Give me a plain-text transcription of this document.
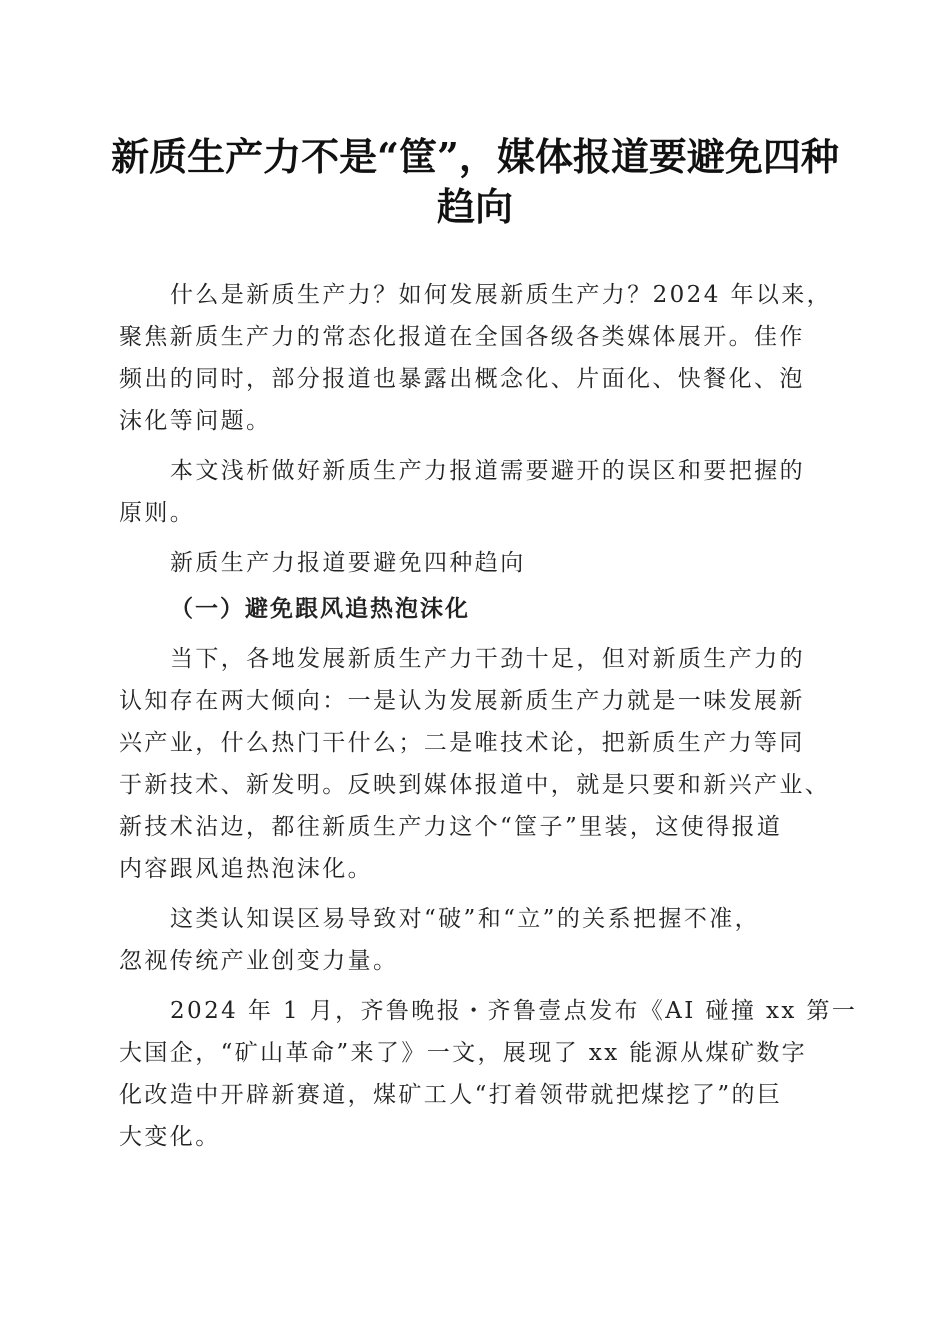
新质生产力不是“筐”，媒体报道要避免四种
趋向
什么是新质生产力？如何发展新质生产力？2024 年以来，
聚焦新质生产力的常态化报道在全国各级各类媒体展开。佳作
频出的同时，部分报道也暴露出概念化、片面化、快餐化、泡
沫化等问题。
本文浅析做好新质生产力报道需要避开的误区和要把握的
原则。
新质生产力报道要避免四种趋向
（一）避免跟风追热泡沫化
当下，各地发展新质生产力干劲十足，但对新质生产力的
认知存在两大倾向：一是认为发展新质生产力就是一味发展新
兴产业，什么热门干什么；二是唯技术论，把新质生产力等同
于新技术、新发明。反映到媒体报道中，就是只要和新兴产业、
新技术沾边，都往新质生产力这个“筐子”里装，这使得报道
内容跟风追热泡沫化。
这类认知误区易导致对“破”和“立”的关系把握不准，
忽视传统产业创变力量。
2024 年 1 月，齐鲁晚报・齐鲁壹点发布《AI 碰撞 xx 第一
大国企，“矿山革命”来了》一文，展现了 xx 能源从煤矿数字
化改造中开辟新赛道，煤矿工人“打着领带就把煤挖了”的巨
大变化。
